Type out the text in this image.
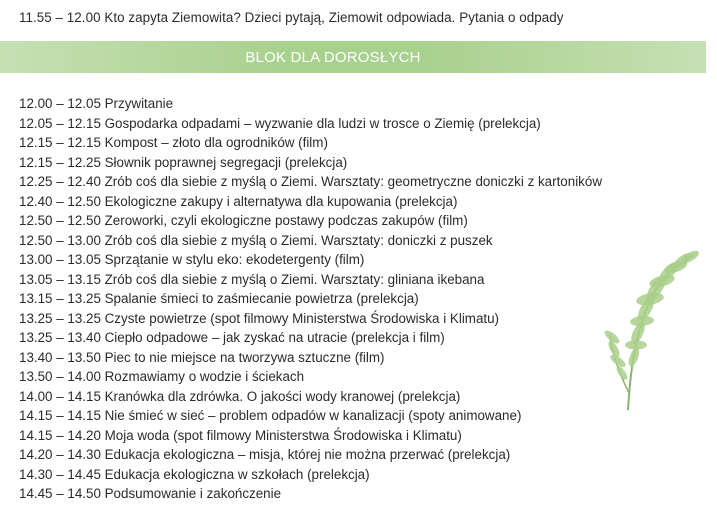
11.55 – 12.00 Kto zapyta Ziemowita? Dzieci pytają, Ziemowit odpowiada. Pytania o odpady
BLOK DLA DOROSŁYCH
12.00 – 12.05 Przywitanie
12.05 – 12.15 Gospodarka odpadami – wyzwanie dla ludzi w trosce o Ziemię (prelekcja)
12.15 – 12.15 Kompost – złoto dla ogrodników (film)
12.15 – 12.25 Słownik poprawnej segregacji (prelekcja)
12.25 – 12.40 Zrób coś dla siebie z myślą o Ziemi. Warsztaty: geometryczne doniczki z kartoników
12.40 – 12.50 Ekologiczne zakupy i alternatywa dla kupowania (prelekcja)
12.50 – 12.50 Zeroworki, czyli ekologiczne postawy podczas zakupów (film)
12.50 – 13.00 Zrób coś dla siebie z myślą o Ziemi. Warsztaty: doniczki z puszek
13.00 – 13.05 Sprzątanie w stylu eko: ekodetergenty (film)
13.05 – 13.15 Zrób coś dla siebie z myślą o Ziemi. Warsztaty: gliniana ikebana
13.15 – 13.25 Spalanie śmieci to zaśmiecanie powietrza (prelekcja)
13.25 – 13.25 Czyste powietrze (spot filmowy Ministerstwa Środowiska i Klimatu)
13.25 – 13.40 Ciepło odpadowe – jak zyskać na utracie (prelekcja i film)
13.40 – 13.50 Piec to nie miejsce na tworzywa sztuczne (film)
13.50 – 14.00 Rozmawiamy o wodzie i ściekach
14.00 – 14.15 Kranówka dla zdrówka. O jakości wody kranowej (prelekcja)
14.15 – 14.15 Nie śmieć w sieć – problem odpadów w kanalizacji (spoty animowane)
14.15 – 14.20 Moja woda (spot filmowy Ministerstwa Środowiska i Klimatu)
14.20 – 14.30 Edukacja ekologiczna – misja, której nie można przerwać (prelekcja)
14.30 – 14.45 Edukacja ekologiczna w szkołach (prelekcja)
14.45 – 14.50 Podsumowanie i zakończenie
